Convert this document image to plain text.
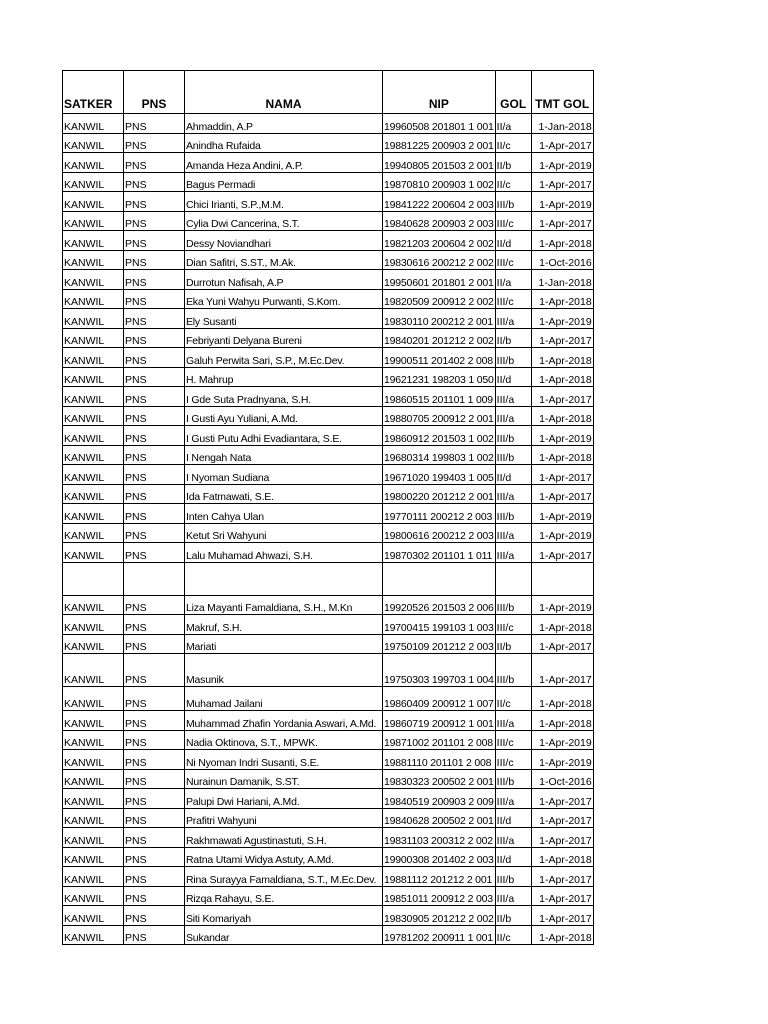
SATKER	PNS	NAMA	NIP	GOL	TMT GOL
KANWIL	PNS	Ahmaddin, A.P	19960508 201801 1 001	II/a	1-Jan-2018
KANWIL	PNS	Anindha Rufaida	19881225 200903 2 001	II/c	1-Apr-2017
KANWIL	PNS	Amanda Heza Andini, A.P.	19940805 201503 2 001	II/b	1-Apr-2019
KANWIL	PNS	Bagus Permadi	19870810 200903 1 002	II/c	1-Apr-2017
KANWIL	PNS	Chici Irianti, S.P.,M.M.	19841222 200604 2 003	III/b	1-Apr-2019
KANWIL	PNS	Cylia Dwi Cancerina, S.T.	19840628 200903 2 003	III/c	1-Apr-2017
KANWIL	PNS	Dessy Noviandhari	19821203 200604 2 002	II/d	1-Apr-2018
KANWIL	PNS	Dian Safitri, S.ST., M.Ak.	19830616 200212 2 002	III/c	1-Oct-2016
KANWIL	PNS	Durrotun Nafisah, A.P	19950601 201801 2 001	II/a	1-Jan-2018
KANWIL	PNS	Eka Yuni Wahyu Purwanti, S.Kom.	19820509 200912 2 002	III/c	1-Apr-2018
KANWIL	PNS	Ely Susanti	19830110 200212 2 001	III/a	1-Apr-2019
KANWIL	PNS	Febriyanti Delyana Bureni	19840201 201212 2 002	II/b	1-Apr-2017
KANWIL	PNS	Galuh Perwita Sari, S.P., M.Ec.Dev.	19900511 201402 2 008	III/b	1-Apr-2018
KANWIL	PNS	H. Mahrup	19621231 198203 1 050	II/d	1-Apr-2018
KANWIL	PNS	I Gde Suta Pradnyana, S.H.	19860515 201101 1 009	III/a	1-Apr-2017
KANWIL	PNS	I Gusti Ayu Yuliani, A.Md.	19880705 200912 2 001	III/a	1-Apr-2018
KANWIL	PNS	I Gusti Putu Adhi Evadiantara, S.E.	19860912 201503 1 002	III/b	1-Apr-2019
KANWIL	PNS	I Nengah Nata	19680314 199803 1 002	III/b	1-Apr-2018
KANWIL	PNS	I Nyoman Sudiana	19671020 199403 1 005	II/d	1-Apr-2017
KANWIL	PNS	Ida Fatmawati, S.E.	19800220 201212 2 001	III/a	1-Apr-2017
KANWIL	PNS	Inten Cahya Ulan	19770111 200212 2 003	III/b	1-Apr-2019
KANWIL	PNS	Ketut Sri Wahyuni	19800616 200212 2 003	III/a	1-Apr-2019
KANWIL	PNS	Lalu Muhamad Ahwazi, S.H.	19870302 201101 1 011	III/a	1-Apr-2017

KANWIL	PNS	Liza Mayanti Famaldiana, S.H., M.Kn	19920526 201503 2 006	III/b	1-Apr-2019
KANWIL	PNS	Makruf, S.H.	19700415 199103 1 003	III/c	1-Apr-2018
KANWIL	PNS	Mariati	19750109 201212 2 003	II/b	1-Apr-2017
KANWIL	PNS	Masunik	19750303 199703 1 004	III/b	1-Apr-2017
KANWIL	PNS	Muhamad Jailani	19860409 200912 1 007	II/c	1-Apr-2018
KANWIL	PNS	Muhammad Zhafin Yordania Aswari, A.Md.	19860719 200912 1 001	III/a	1-Apr-2018
KANWIL	PNS	Nadia Oktinova, S.T., MPWK.	19871002 201101 2 008	III/c	1-Apr-2019
KANWIL	PNS	Ni Nyoman Indri Susanti, S.E.	19881110 201101 2 008	III/c	1-Apr-2019
KANWIL	PNS	Nurainun Damanik, S.ST.	19830323 200502 2 001	III/b	1-Oct-2016
KANWIL	PNS	Palupi Dwi Hariani, A.Md.	19840519 200903 2 009	III/a	1-Apr-2017
KANWIL	PNS	Prafitri Wahyuni	19840628 200502 2 001	II/d	1-Apr-2017
KANWIL	PNS	Rakhmawati Agustinastuti, S.H.	19831103 200312 2 002	III/a	1-Apr-2017
KANWIL	PNS	Ratna Utami Widya Astuty, A.Md.	19900308 201402 2 003	II/d	1-Apr-2018
KANWIL	PNS	Rina Surayya Famaldiana, S.T., M.Ec.Dev.	19881112 201212 2 001	III/b	1-Apr-2017
KANWIL	PNS	Rizqa Rahayu, S.E.	19851011 200912 2 003	III/a	1-Apr-2017
KANWIL	PNS	Siti Komariyah	19830905 201212 2 002	II/b	1-Apr-2017
KANWIL	PNS	Sukandar	19781202 200911 1 001	II/c	1-Apr-2018
